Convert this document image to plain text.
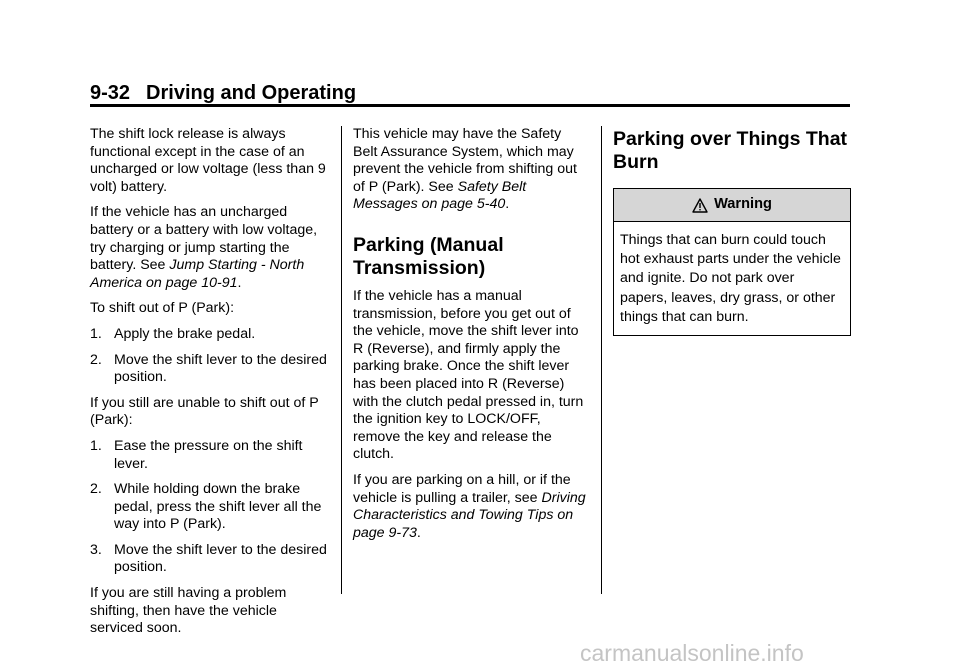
9-32 Driving and Operating

The shift lock release is always functional except in the case of an uncharged or low voltage (less than 9 volt) battery.

If the vehicle has an uncharged battery or a battery with low voltage, try charging or jump starting the battery. See Jump Starting - North America on page 10-91.

To shift out of P (Park):

1. Apply the brake pedal.
2. Move the shift lever to the desired position.

If you still are unable to shift out of P (Park):

1. Ease the pressure on the shift lever.
2. While holding down the brake pedal, press the shift lever all the way into P (Park).
3. Move the shift lever to the desired position.

If you are still having a problem shifting, then have the vehicle serviced soon.

This vehicle may have the Safety Belt Assurance System, which may prevent the vehicle from shifting out of P (Park). See Safety Belt Messages on page 5-40.

Parking (Manual Transmission)

If the vehicle has a manual transmission, before you get out of the vehicle, move the shift lever into R (Reverse), and firmly apply the parking brake. Once the shift lever has been placed into R (Reverse) with the clutch pedal pressed in, turn the ignition key to LOCK/OFF, remove the key and release the clutch.

If you are parking on a hill, or if the vehicle is pulling a trailer, see Driving Characteristics and Towing Tips on page 9-73.

Parking over Things That Burn
Warning
Things that can burn could touch hot exhaust parts under the vehicle and ignite. Do not park over papers, leaves, dry grass, or other things that can burn.
carmanualsonline.info
